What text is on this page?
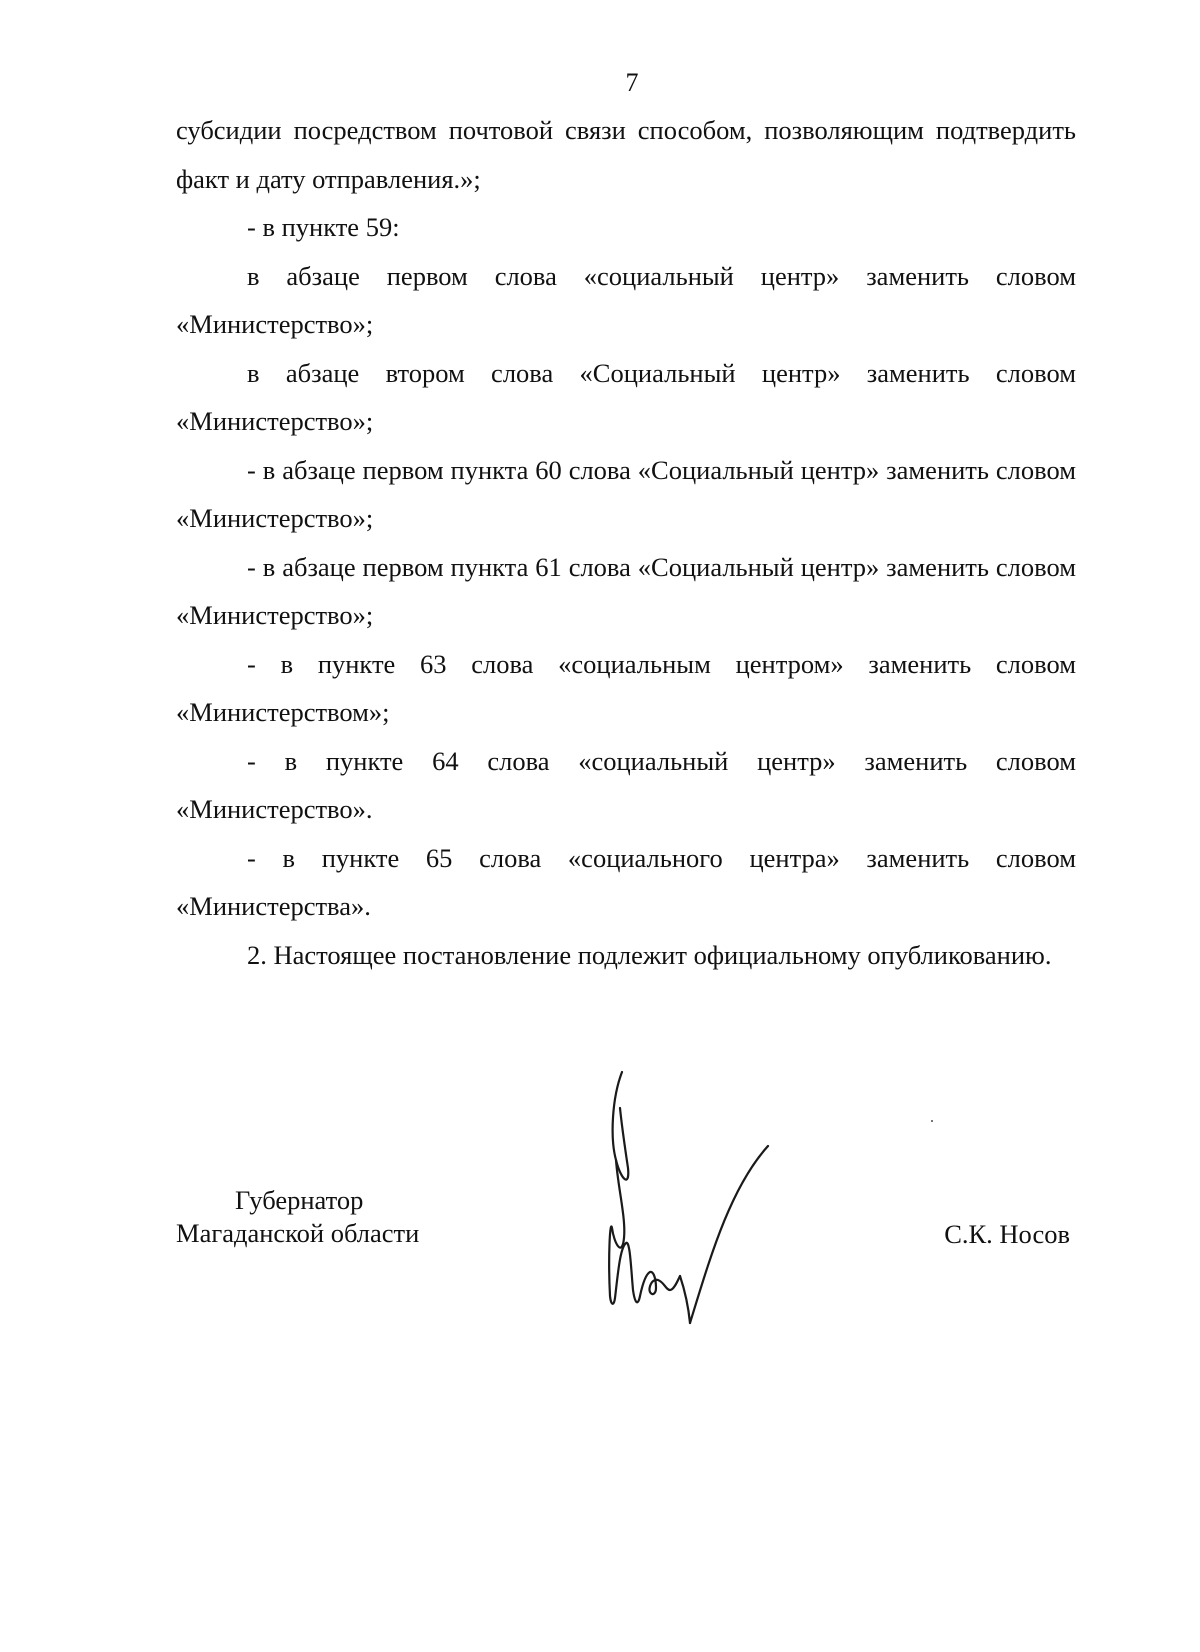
7

субсидии посредством почтовой связи способом, позволяющим подтвердить факт и дату отправления.»;

- в пункте 59:

в абзаце первом слова «социальный центр» заменить словом «Министерство»;

в абзаце втором слова «Социальный центр» заменить словом «Министерство»;

- в абзаце первом пункта 60 слова «Социальный центр» заменить словом «Министерство»;

- в абзаце первом пункта 61 слова «Социальный центр» заменить словом «Министерство»;

- в пункте 63 слова «социальным центром» заменить словом «Министерством»;

- в пункте 64 слова «социальный центр» заменить словом «Министерство».

- в пункте 65 слова «социального центра» заменить словом «Министерства».

2. Настоящее постановление подлежит официальному опубликованию.

Губернатор
Магаданской области	С.К. Носов
